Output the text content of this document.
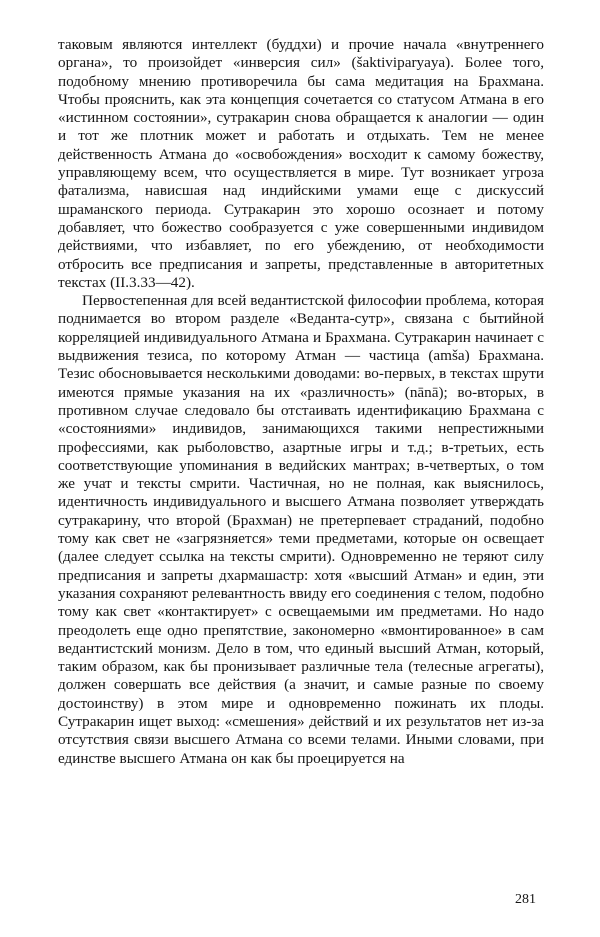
таковым являются интеллект (буддхи) и прочие начала «внутреннего органа», то произойдет «инверсия сил» (šaktiviparyaya). Более того, подобному мнению противоречила бы сама медитация на Брахмана. Чтобы прояснить, как эта концепция сочетается со статусом Атмана в его «истинном состоянии», сутракарин снова обращается к аналогии — один и тот же плотник может и работать и отдыхать. Тем не менее действенность Атмана до «освобождения» восходит к самому божеству, управляющему всем, что осуществляется в мире. Тут возникает угроза фатализма, нависшая над индийскими умами еще с дискуссий шраманского периода. Сутракарин это хорошо осознает и потому добавляет, что божество сообразуется с уже совершенными индивидом действиями, что избавляет, по его убеждению, от необходимости отбросить все предписания и запреты, представленные в авторитетных текстах (II.3.33—42).

Первостепенная для всей ведантистской философии проблема, которая поднимается во втором разделе «Веданта-сутр», связана с бытийной корреляцией индивидуального Атмана и Брахмана. Сутракарин начинает с выдвижения тезиса, по которому Атман — частица (amša) Брахмана. Тезис обосновывается несколькими доводами: во-первых, в текстах шрути имеются прямые указания на их «различность» (nānā); во-вторых, в противном случае следовало бы отстаивать идентификацию Брахмана с «состояниями» индивидов, занимающихся такими непрестижными профессиями, как рыболовство, азартные игры и т.д.; в-третьих, есть соответствующие упоминания в ведийских мантрах; в-четвертых, о том же учат и тексты смрити. Частичная, но не полная, как выяснилось, идентичность индивидуального и высшего Атмана позволяет утверждать сутракарину, что второй (Брахман) не претерпевает страданий, подобно тому как свет не «загрязняется» теми предметами, которые он освещает (далее следует ссылка на тексты смрити). Одновременно не теряют силу предписания и запреты дхармашастр: хотя «высший Атман» и един, эти указания сохраняют релевантность ввиду его соединения с телом, подобно тому как свет «контактирует» с освещаемыми им предметами. Но надо преодолеть еще одно препятствие, закономерно «вмонтированное» в сам ведантистский монизм. Дело в том, что единый высший Атман, который, таким образом, как бы пронизывает различные тела (телесные агрегаты), должен совершать все действия (а значит, и самые разные по своему достоинству) в этом мире и одновременно пожинать их плоды. Сутракарин ищет выход: «смешения» действий и их результатов нет из-за отсутствия связи высшего Атмана со всеми телами. Иными словами, при единстве высшего Атмана он как бы проецируется на

281
